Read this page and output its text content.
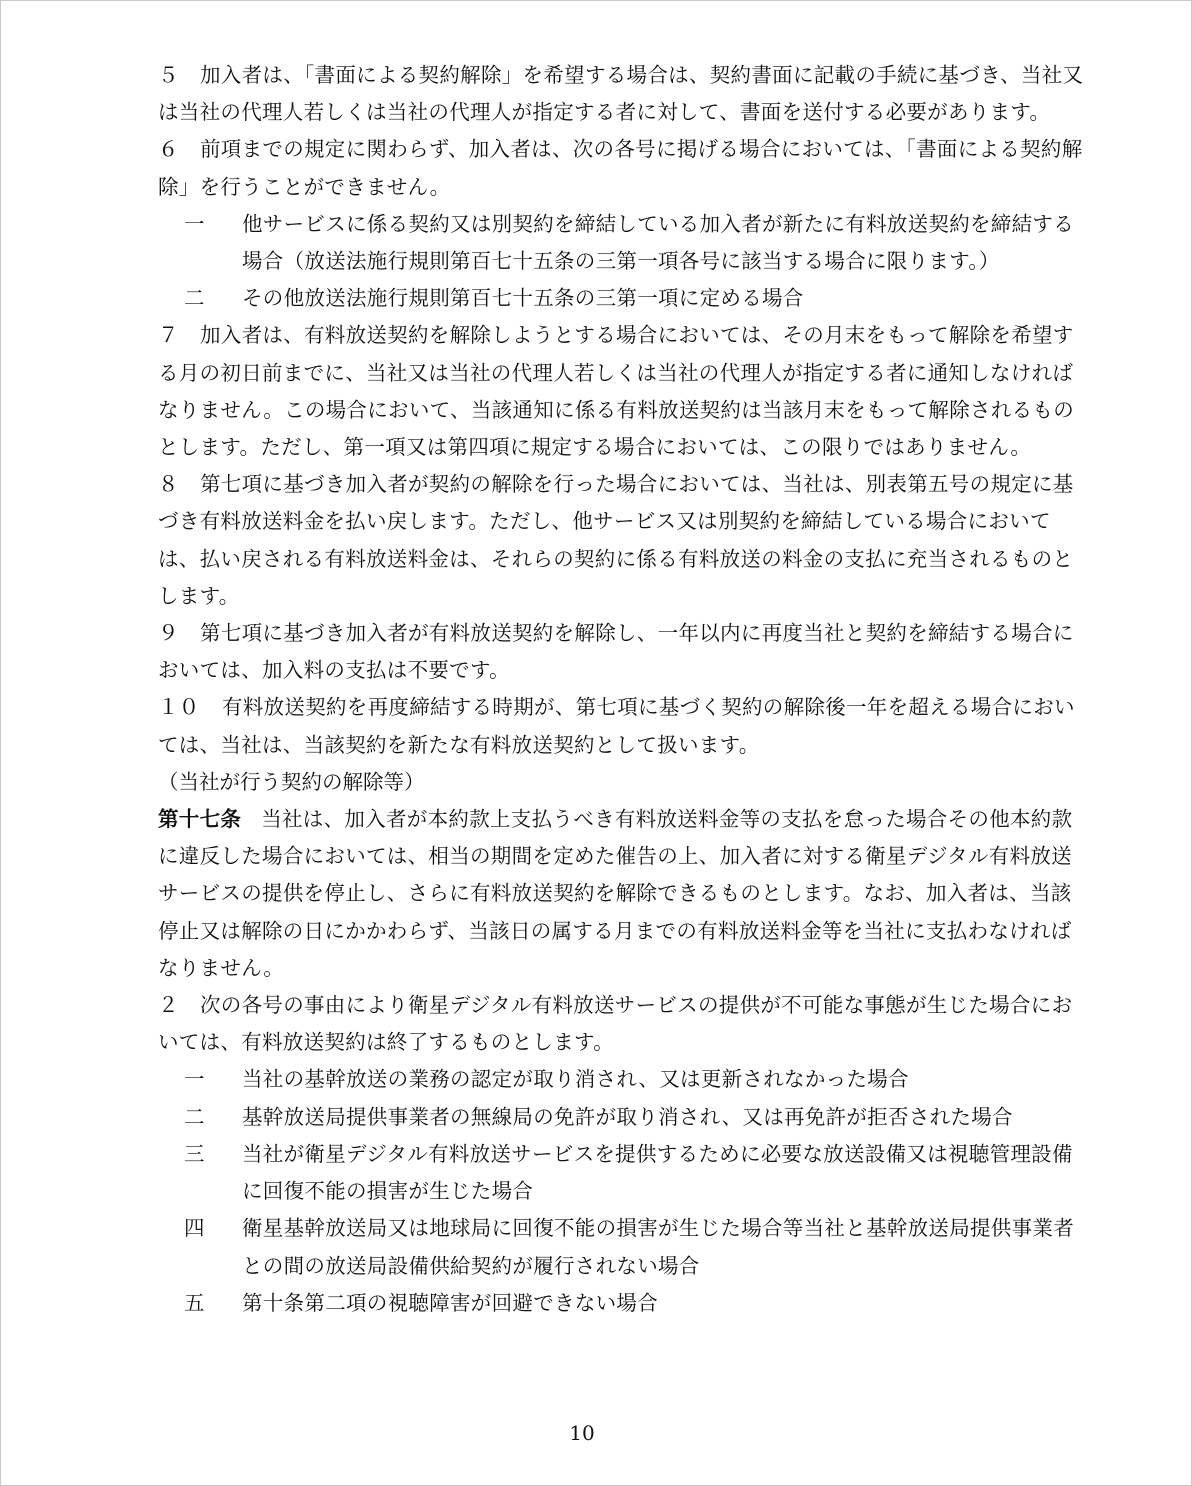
５ 加入者は、「書面による契約解除」を希望する場合は、契約書面に記載の手続に基づき、当社又は当社の代理人若しくは当社の代理人が指定する者に対して、書面を送付する必要があります。

６ 前項までの規定に関わらず、加入者は、次の各号に掲げる場合においては、「書面による契約解除」を行うことができません。

一 他サービスに係る契約又は別契約を締結している加入者が新たに有料放送契約を締結する場合（放送法施行規則第百七十五条の三第一項各号に該当する場合に限ります。）

二 その他放送法施行規則第百七十五条の三第一項に定める場合

７ 加入者は、有料放送契約を解除しようとする場合においては、その月末をもって解除を希望する月の初日前までに、当社又は当社の代理人若しくは当社の代理人が指定する者に通知しなければなりません。この場合において、当該通知に係る有料放送契約は当該月末をもって解除されるものとします。ただし、第一項又は第四項に規定する場合においては、この限りではありません。

８ 第七項に基づき加入者が契約の解除を行った場合においては、当社は、別表第五号の規定に基づき有料放送料金を払い戻します。ただし、他サービス又は別契約を締結している場合においては、払い戻される有料放送料金は、それらの契約に係る有料放送の料金の支払に充当されるものとします。

９ 第七項に基づき加入者が有料放送契約を解除し、一年以内に再度当社と契約を締結する場合においては、加入料の支払は不要です。

１０ 有料放送契約を再度締結する時期が、第七項に基づく契約の解除後一年を超える場合においては、当社は、当該契約を新たな有料放送契約として扱います。

（当社が行う契約の解除等）

第十七条 当社は、加入者が本約款上支払うべき有料放送料金等の支払を怠った場合その他本約款に違反した場合においては、相当の期間を定めた催告の上、加入者に対する衛星デジタル有料放送サービスの提供を停止し、さらに有料放送契約を解除できるものとします。なお、加入者は、当該停止又は解除の日にかかわらず、当該日の属する月までの有料放送料金等を当社に支払わなければなりません。

２ 次の各号の事由により衛星デジタル有料放送サービスの提供が不可能な事態が生じた場合においては、有料放送契約は終了するものとします。

一 当社の基幹放送の業務の認定が取り消され、又は更新されなかった場合

二 基幹放送局提供事業者の無線局の免許が取り消され、又は再免許が拒否された場合

三 当社が衛星デジタル有料放送サービスを提供するために必要な放送設備又は視聴管理設備に回復不能の損害が生じた場合

四 衛星基幹放送局又は地球局に回復不能の損害が生じた場合等当社と基幹放送局提供事業者との間の放送局設備供給契約が履行されない場合

五 第十条第二項の視聴障害が回避できない場合

10
